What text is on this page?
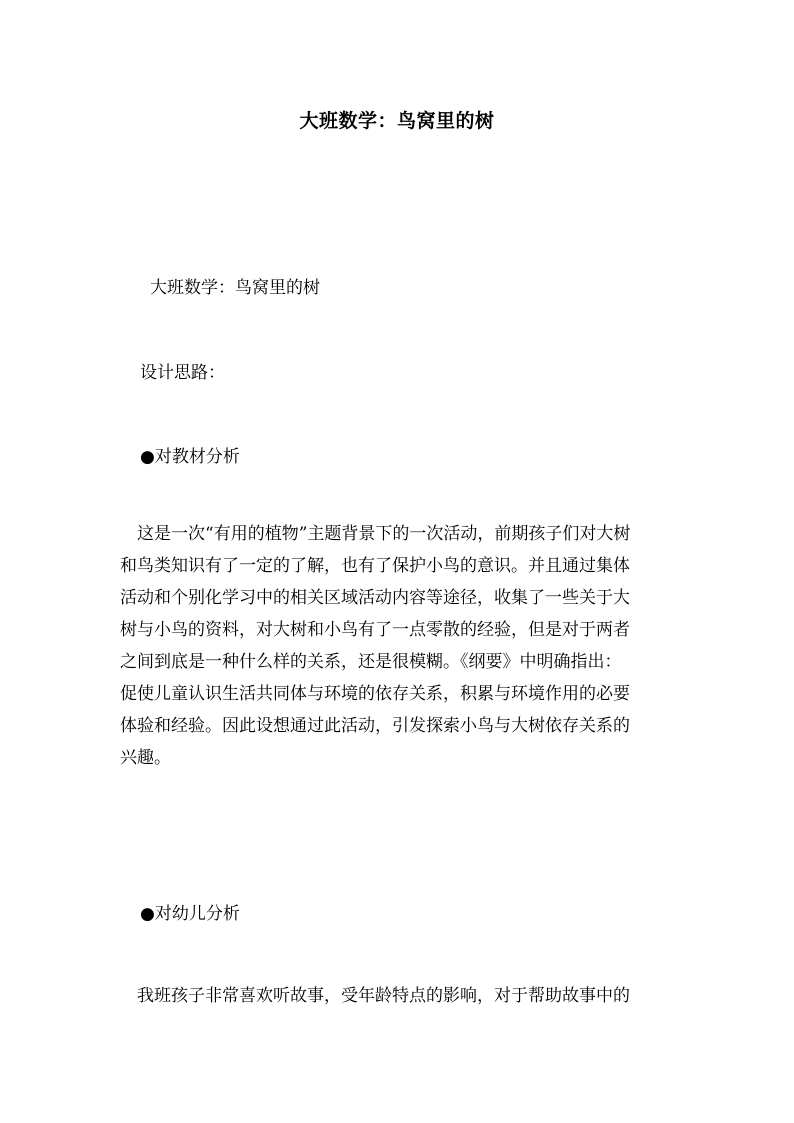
大班数学：鸟窝里的树
大班数学：鸟窝里的树
设计思路：
●对教材分析
　这是一次“有用的植物”主题背景下的一次活动，前期孩子们对大树
和鸟类知识有了一定的了解，也有了保护小鸟的意识。并且通过集体
活动和个别化学习中的相关区域活动内容等途径，收集了一些关于大
树与小鸟的资料，对大树和小鸟有了一点零散的经验，但是对于两者
之间到底是一种什么样的关系，还是很模糊。《纲要》中明确指出：
促使儿童认识生活共同体与环境的依存关系，积累与环境作用的必要
体验和经验。因此设想通过此活动，引发探索小鸟与大树依存关系的
兴趣。
●对幼儿分析
　我班孩子非常喜欢听故事，受年龄特点的影响，对于帮助故事中的
